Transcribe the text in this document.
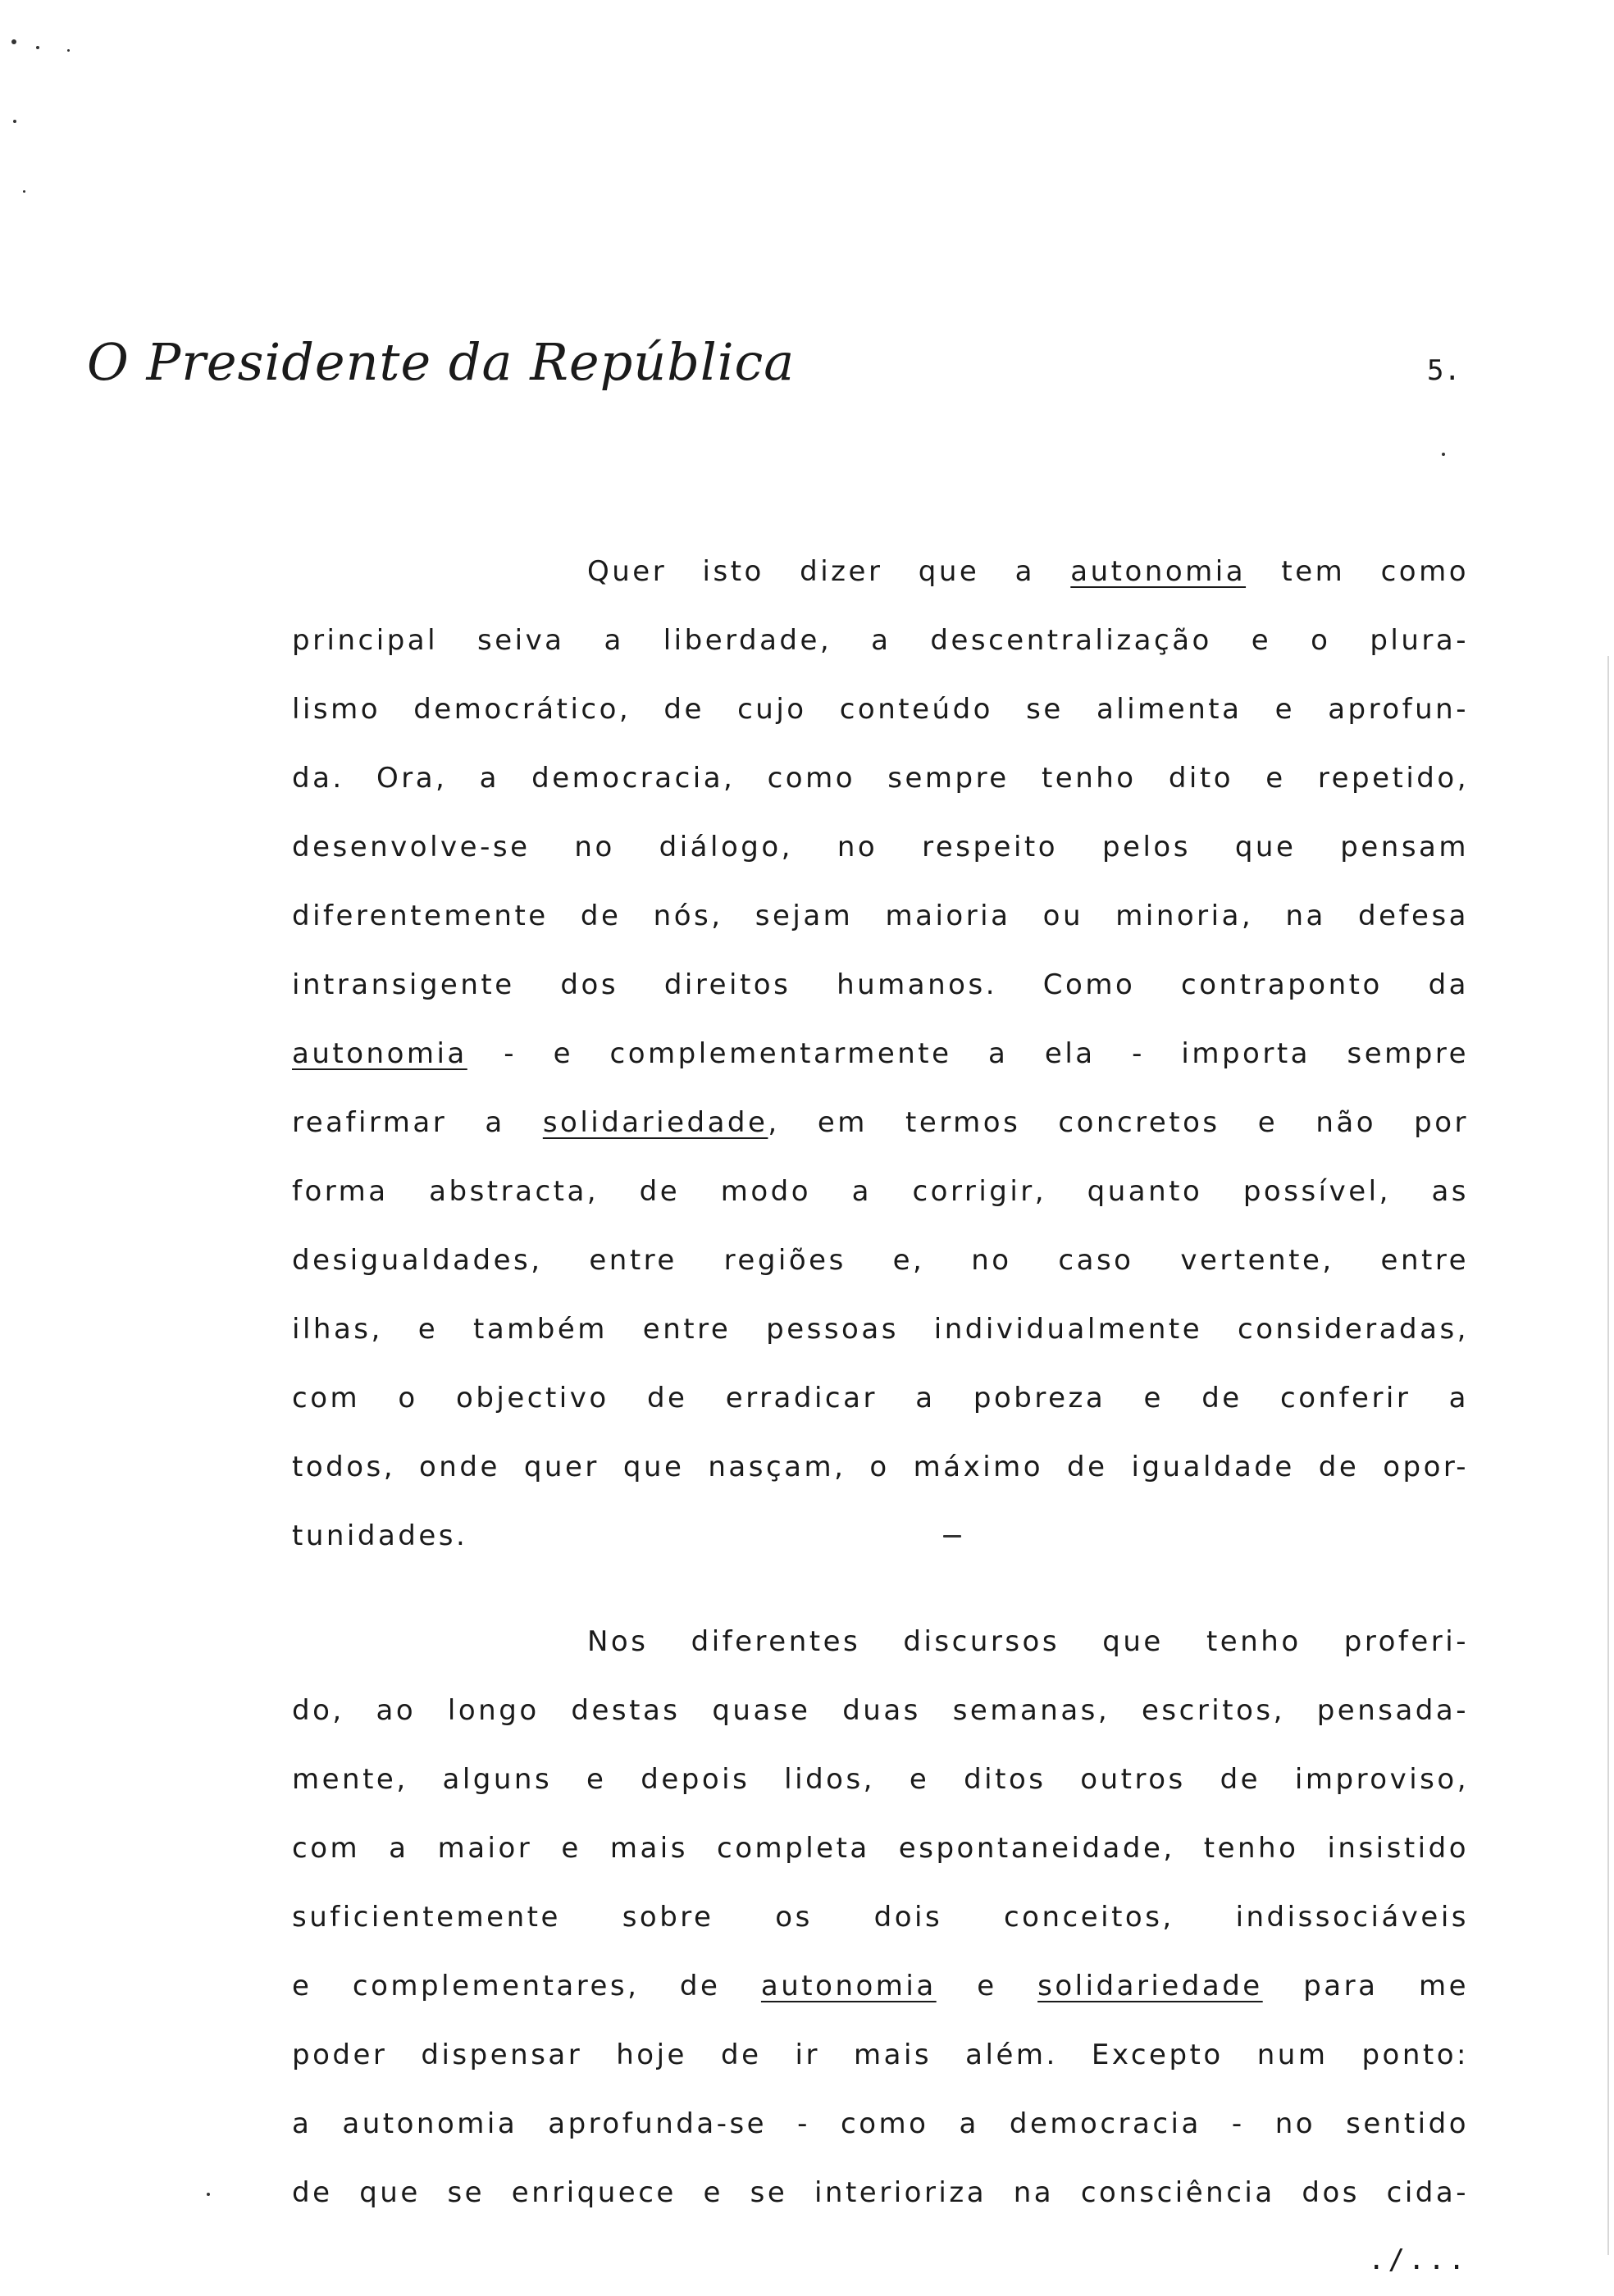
O Presidente da República	5.
Quer isto dizer que a autonomia tem como
principal seiva a liberdade, a descentralização e o plura-
lismo democrático, de cujo conteúdo se alimenta e aprofun-
da. Ora, a democracia, como sempre tenho dito e repetido,
desenvolve-se no diálogo, no respeito pelos que pensam
diferentemente de nós, sejam maioria ou minoria, na defesa
intransigente dos direitos humanos. Como contraponto da
autonomia - e complementarmente a ela - importa sempre
reafirmar a solidariedade, em termos concretos e não por
forma abstracta, de modo a corrigir, quanto possível, as
desigualdades, entre regiões e, no caso vertente, entre
ilhas, e também entre pessoas individualmente consideradas,
com o objectivo de erradicar a pobreza e de conferir a
todos, onde quer que nasçam, o máximo de igualdade de opor-
tunidades.
Nos diferentes discursos que tenho proferi-
do, ao longo destas quase duas semanas, escritos, pensada-
mente, alguns e depois lidos, e ditos outros de improviso,
com a maior e mais completa espontaneidade, tenho insistido
suficientemente sobre os dois conceitos, indissociáveis
e complementares, de autonomia e solidariedade para me
poder dispensar hoje de ir mais além. Excepto num ponto:
a autonomia aprofunda-se - como a democracia - no sentido
de que se enriquece e se interioriza na consciência dos cida-
./...
